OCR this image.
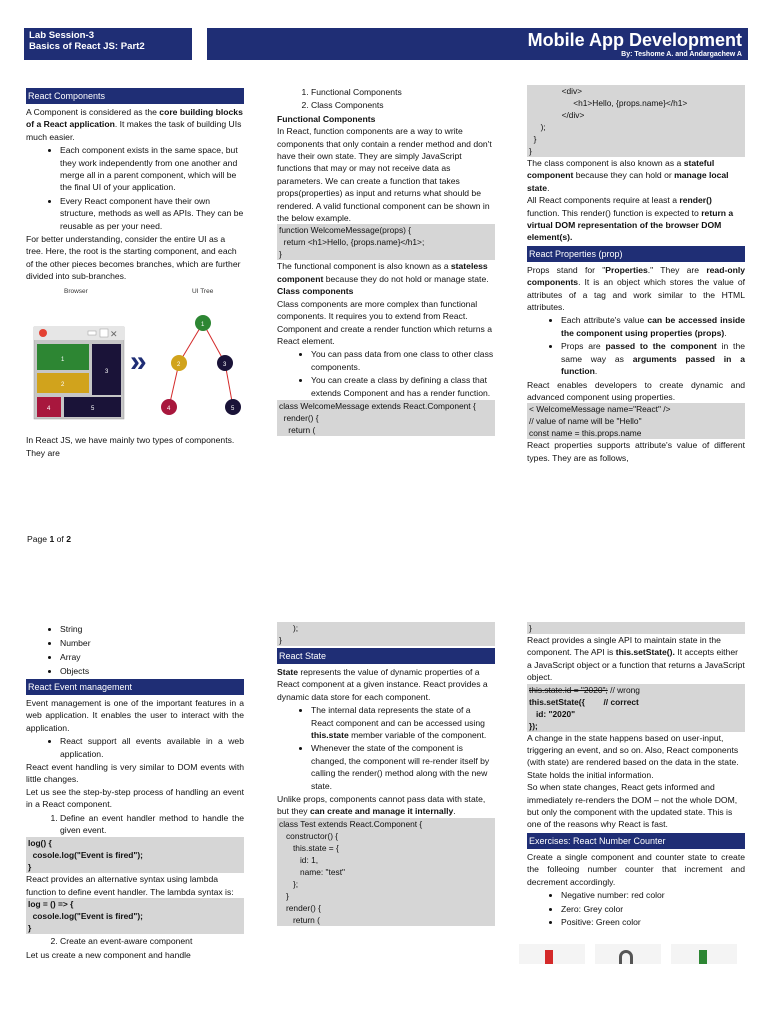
Lab Session-3
Basics of React JS: Part2	Mobile App Development
By: Teshome A. and Andargachew A
React Components

A Component is considered as the core building blocks of a React application. It makes the task of building UIs much easier.

• Each component exists in the same space, but they work independently from one another and merge all in a parent component, which will be the final UI of your application.
• Every React component have their own structure, methods as well as APIs. They can be reusable as per your need.

For better understanding, consider the entire UI as a tree. Here, the root is the starting component, and each of the other pieces becomes branches, which are further divided into sub-branches.

Browser	UI Tree
✕
1
3
2
4	5
»
1
2	3
4	5

In React JS, we have mainly two types of components. They are

1. Functional Components
2. Class Components
Functional Components

In React, function components are a way to write components that only contain a render method and don't have their own state. They are simply JavaScript functions that may or may not receive data as parameters. We can create a function that takes props(properties) as input and returns what should be rendered. A valid functional component can be shown in the below example.

function WelcomeMessage(props) {
return <h1>Hello, {props.name}</h1>;
}

The functional component is also known as a stateless component because they do not hold or manage state.

Class components

Class components are more complex than functional components. It requires you to extend from React. Component and create a render function which returns a React element.

• You can pass data from one class to other class components.
• You can create a class by defining a class that extends Component and has a render function.
class WelcomeMessage extends React.Component {
render() {
return (
<div>
<h1>Hello, {props.name}</h1>
</div>
);
}
}

The class component is also known as a stateful component because they can hold or manage local state.

All React components require at least a render() function. This render() function is expected to return a virtual DOM representation of the browser DOM element(s).

React Properties (prop)

Props stand for "Properties." They are read-only components. It is an object which stores the value of attributes of a tag and work similar to the HTML attributes.

• Each attribute's value can be accessed inside the component using properties (props).
• Props are passed to the component in the same way as arguments passed in a function.

React enables developers to create dynamic and advanced component using properties.

< WelcomeMessage name="React" />
// value of name will be "Hello"
const name = this.props.name

React properties supports attribute's value of different types. They are as follows,

Page 1 of 2
• String
• Number
• Array
• Objects
React Event management

Event management is one of the important features in a web application. It enables the user to interact with the application.

• React support all events available in a web application.

React event handling is very similar to DOM events with little changes.

Let us see the step-by-step process of handling an event in a React component.

1. Define an event handler method to handle the given event.
log() {
cosole.log("Event is fired");
}

React provides an alternative syntax using lambda function to define event handler. The lambda syntax is:

log = () => {
cosole.log("Event is fired");
}
2. Create an event-aware component

Let us create a new component and handle

);
}
React State

State represents the value of dynamic properties of a React component at a given instance. React provides a dynamic data store for each component.

• The internal data represents the state of a React component and can be accessed using this.state member variable of the component.
• Whenever the state of the component is changed, the component will re-render itself by calling the render() method along with the new state.

Unlike props, components cannot pass data with state, but they can create and manage it internally.

class Test extends React.Component {
constructor() {
this.state = {
id: 1,
name: "test"
};
}
render() {
return (
}

React provides a single API to maintain state in the component. The API is this.setState(). It accepts either a JavaScript object or a function that returns a JavaScript object.

this.state.id = "2020"; // wrong
this.setState({        // correct
id: "2020"
});

A change in the state happens based on user-input, triggering an event, and so on. Also, React components (with state) are rendered based on the data in the state. State holds the initial information.

So when state changes, React gets informed and immediately re-renders the DOM – not the whole DOM, but only the component with the updated state. This is one of the reasons why React is fast.

Exercises: React Number Counter

Create a single component and counter state to create the folleoing number counter that increment and decrement accordingly.

• Negative number: red color
• Zero: Grey color
• Positive: Green color
